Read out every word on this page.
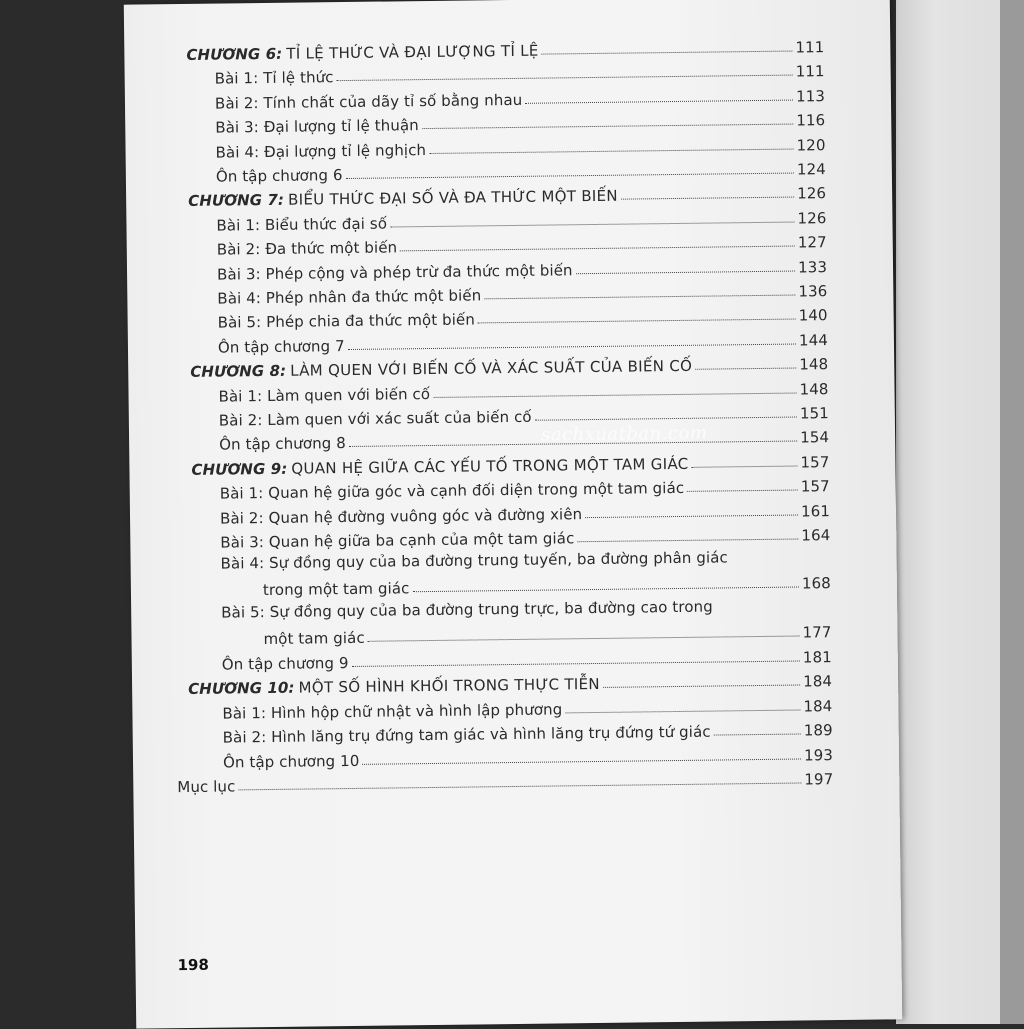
CHƯƠNG 6: TỈ LỆ THỨC VÀ ĐẠI LƯỢNG TỈ LỆ	111
Bài 1: Tỉ lệ thức	111
Bài 2: Tính chất của dãy tỉ số bằng nhau	113
Bài 3: Đại lượng tỉ lệ thuận	116
Bài 4: Đại lượng tỉ lệ nghịch	120
Ôn tập chương 6	124
CHƯƠNG 7: BIỂU THỨC ĐẠI SỐ VÀ ĐA THỨC MỘT BIẾN	126
Bài 1: Biểu thức đại số	126
Bài 2: Đa thức một biến	127
Bài 3: Phép cộng và phép trừ đa thức một biến	133
Bài 4: Phép nhân đa thức một biến	136
Bài 5: Phép chia đa thức một biến	140
Ôn tập chương 7	144
CHƯƠNG 8: LÀM QUEN VỚI BIẾN CỐ VÀ XÁC SUẤT CỦA BIẾN CỐ	148
Bài 1: Làm quen với biến cố	148
Bài 2: Làm quen với xác suất của biến cố	151
Ôn tập chương 8	154
CHƯƠNG 9: QUAN HỆ GIỮA CÁC YẾU TỐ TRONG MỘT TAM GIÁC	157
Bài 1: Quan hệ giữa góc và cạnh đối diện trong một tam giác	157
Bài 2: Quan hệ đường vuông góc và đường xiên	161
Bài 3: Quan hệ giữa ba cạnh của một tam giác	164
Bài 4: Sự đồng quy của ba đường trung tuyến, ba đường phân giác
trong một tam giác	168
Bài 5: Sự đồng quy của ba đường trung trực, ba đường cao trong
một tam giác	177
Ôn tập chương 9	181
CHƯƠNG 10: MỘT SỐ HÌNH KHỐI TRONG THỰC TIỄN	184
Bài 1: Hình hộp chữ nhật và hình lập phương	184
Bài 2: Hình lăng trụ đứng tam giác và hình lăng trụ đứng tứ giác	189
Ôn tập chương 10	193
Mục lục	197
198
sachxuatban.com
